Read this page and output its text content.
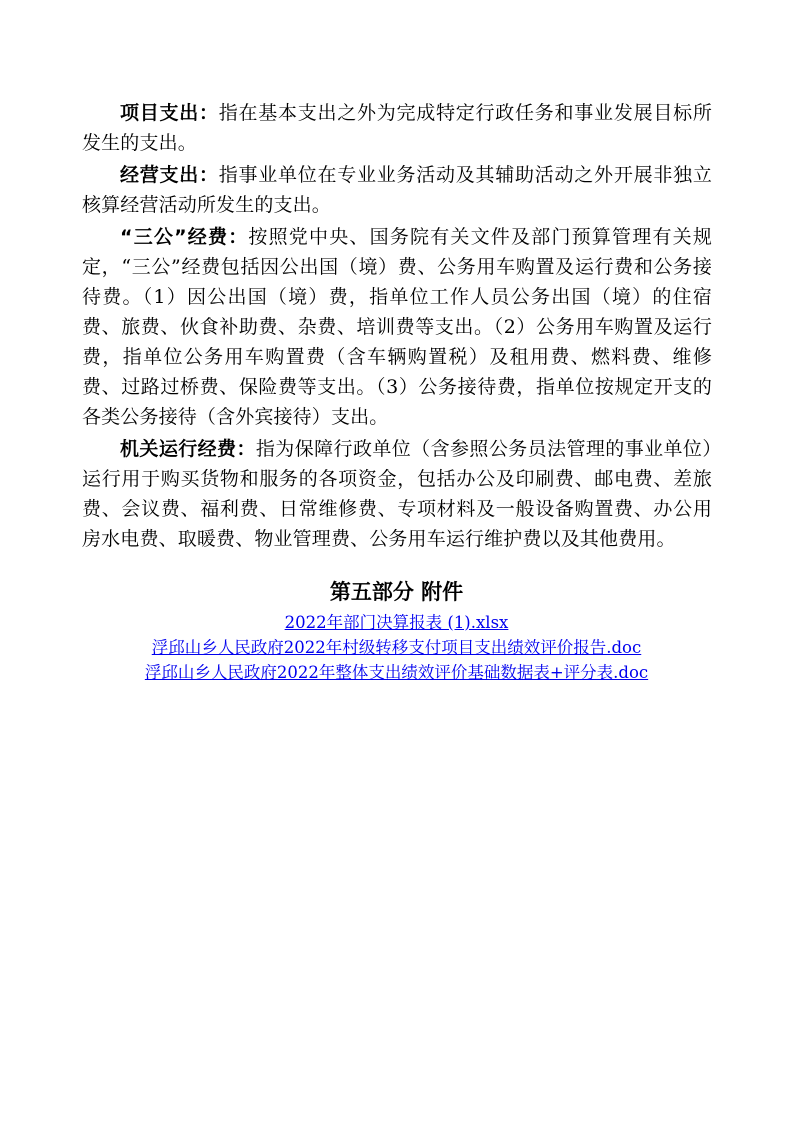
项目支出：指在基本支出之外为完成特定行政任务和事业发展目标所发生的支出。

经营支出：指事业单位在专业业务活动及其辅助活动之外开展非独立核算经营活动所发生的支出。

“三公”经费：按照党中央、国务院有关文件及部门预算管理有关规定，“三公”经费包括因公出国（境）费、公务用车购置及运行费和公务接待费。（1）因公出国（境）费，指单位工作人员公务出国（境）的住宿费、旅费、伙食补助费、杂费、培训费等支出。（2）公务用车购置及运行费，指单位公务用车购置费（含车辆购置税）及租用费、燃料费、维修费、过路过桥费、保险费等支出。（3）公务接待费，指单位按规定开支的各类公务接待（含外宾接待）支出。

机关运行经费：指为保障行政单位（含参照公务员法管理的事业单位）运行用于购买货物和服务的各项资金，包括办公及印刷费、邮电费、差旅费、会议费、福利费、日常维修费、专项材料及一般设备购置费、办公用房水电费、取暖费、物业管理费、公务用车运行维护费以及其他费用。

第五部分 附件
2022年部门决算报表 (1).xlsx
浮邱山乡人民政府2022年村级转移支付项目支出绩效评价报告.doc
浮邱山乡人民政府2022年整体支出绩效评价基础数据表+评分表.doc
